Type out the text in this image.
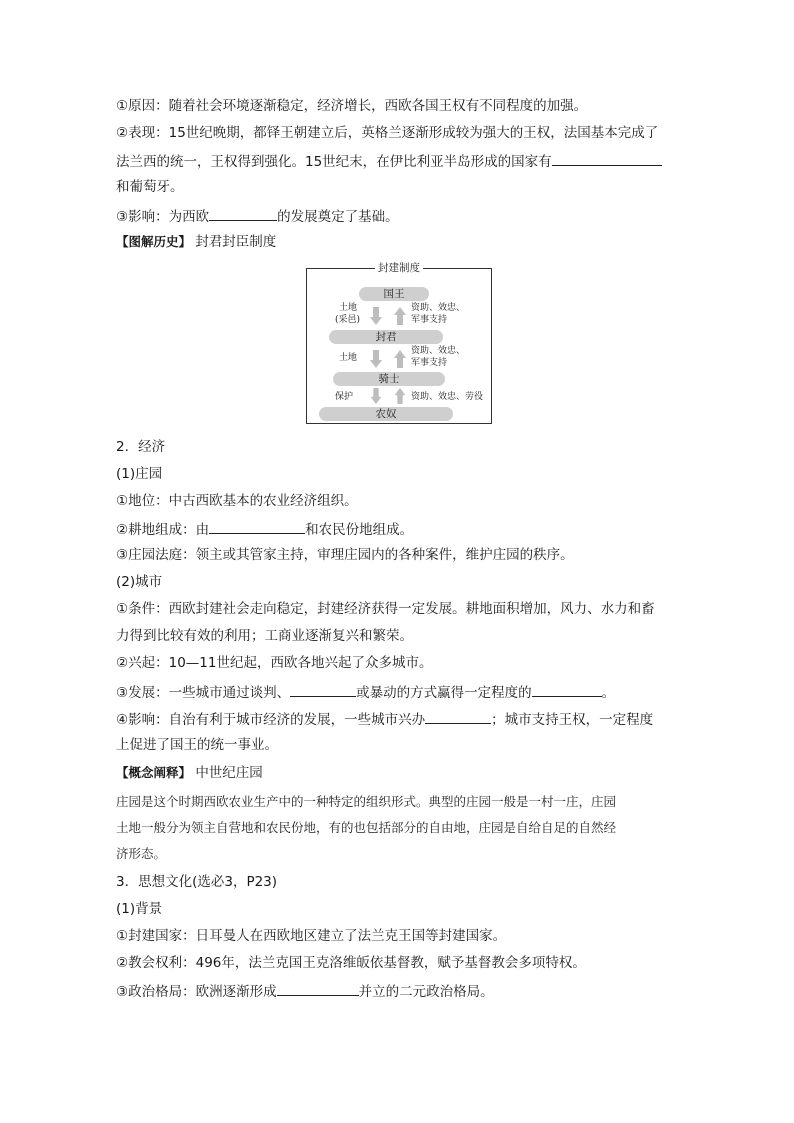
①原因：随着社会环境逐渐稳定，经济增长，西欧各国王权有不同程度的加强。
②表现：15世纪晚期，都铎王朝建立后，英格兰逐渐形成较为强大的王权，法国基本完成了
法兰西的统一，王权得到强化。15世纪末，在伊比利亚半岛形成的国家有
和葡萄牙。
③影响：为西欧	的发展奠定了基础。
【图解历史】 封君封臣制度
封建制度
国王
封君
骑士
农奴
土地
(采邑)
资助、效忠、
军事支持
土地
资助、效忠、
军事支持
保护	资助、效忠、劳役
2．经济
(1)庄园
①地位：中古西欧基本的农业经济组织。
②耕地组成：由	和农民份地组成。
③庄园法庭：领主或其管家主持，审理庄园内的各种案件，维护庄园的秩序。
(2)城市
①条件：西欧封建社会走向稳定，封建经济获得一定发展。耕地面积增加，风力、水力和畜
力得到比较有效的利用；工商业逐渐复兴和繁荣。
②兴起：10—11世纪起，西欧各地兴起了众多城市。
③发展：一些城市通过谈判、	或暴动的方式赢得一定程度的	。
④影响：自治有利于城市经济的发展，一些城市兴办	；城市支持王权，一定程度
上促进了国王的统一事业。
【概念阐释】 中世纪庄园
庄园是这个时期西欧农业生产中的一种特定的组织形式。典型的庄园一般是一村一庄，庄园
土地一般分为领主自营地和农民份地，有的也包括部分的自由地，庄园是自给自足的自然经
济形态。
3．思想文化(选必3，P23)
(1)背景
①封建国家：日耳曼人在西欧地区建立了法兰克王国等封建国家。
②教会权利：496年，法兰克国王克洛维皈依基督教，赋予基督教会多项特权。
③政治格局：欧洲逐渐形成	并立的二元政治格局。
